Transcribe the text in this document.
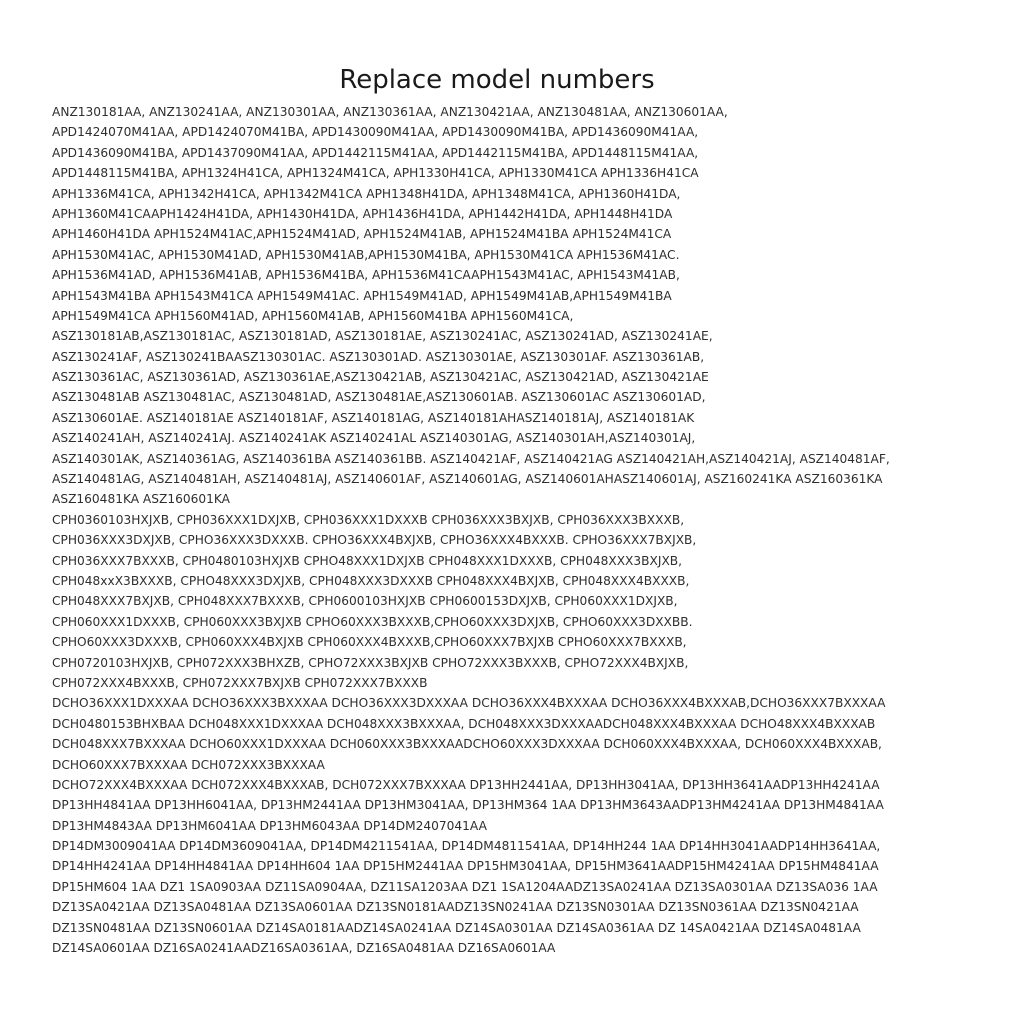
Replace model numbers
ANZ130181AA, ANZ130241AA, ANZ130301AA, ANZ130361AA, ANZ130421AA, ANZ130481AA, ANZ130601AA,
APD1424070M41AA, APD1424070M41BA, APD1430090M41AA, APD1430090M41BA, APD1436090M41AA,
APD1436090M41BA, APD1437090M41AA, APD1442115M41AA, APD1442115M41BA, APD1448115M41AA,
APD1448115M41BA, APH1324H41CA, APH1324M41CA, APH1330H41CA, APH1330M41CA APH1336H41CA
APH1336M41CA, APH1342H41CA, APH1342M41CA APH1348H41DA, APH1348M41CA, APH1360H41DA,
APH1360M41CAAPH1424H41DA, APH1430H41DA, APH1436H41DA, APH1442H41DA, APH1448H41DA
APH1460H41DA APH1524M41AC,APH1524M41AD, APH1524M41AB, APH1524M41BA APH1524M41CA
APH1530M41AC, APH1530M41AD, APH1530M41AB,APH1530M41BA, APH1530M41CA APH1536M41AC.
APH1536M41AD, APH1536M41AB, APH1536M41BA, APH1536M41CAAPH1543M41AC, APH1543M41AB,
APH1543M41BA APH1543M41CA APH1549M41AC. APH1549M41AD, APH1549M41AB,APH1549M41BA
APH1549M41CA APH1560M41AD, APH1560M41AB, APH1560M41BA APH1560M41CA,
ASZ130181AB,ASZ130181AC, ASZ130181AD, ASZ130181AE, ASZ130241AC, ASZ130241AD, ASZ130241AE,
ASZ130241AF, ASZ130241BAASZ130301AC. ASZ130301AD. ASZ130301AE, ASZ130301AF. ASZ130361AB,
ASZ130361AC, ASZ130361AD, ASZ130361AE,ASZ130421AB, ASZ130421AC, ASZ130421AD, ASZ130421AE
ASZ130481AB ASZ130481AC, ASZ130481AD, ASZ130481AE,ASZ130601AB. ASZ130601AC ASZ130601AD,
ASZ130601AE. ASZ140181AE ASZ140181AF, ASZ140181AG, ASZ140181AHASZ140181AJ, ASZ140181AK
ASZ140241AH, ASZ140241AJ. ASZ140241AK ASZ140241AL ASZ140301AG, ASZ140301AH,ASZ140301AJ,
ASZ140301AK, ASZ140361AG, ASZ140361BA ASZ140361BB. ASZ140421AF, ASZ140421AG ASZ140421AH,ASZ140421AJ, ASZ140481AF,
ASZ140481AG, ASZ140481AH, ASZ140481AJ, ASZ140601AF, ASZ140601AG, ASZ140601AHASZ140601AJ, ASZ160241KA ASZ160361KA
ASZ160481KA ASZ160601KA
CPH0360103HXJXB, CPH036XXX1DXJXB, CPH036XXX1DXXXB CPH036XXX3BXJXB, CPH036XXX3BXXXB,
CPH036XXX3DXJXB, CPHO36XXX3DXXXB. CPHO36XXX4BXJXB, CPHO36XXX4BXXXB. CPHO36XXX7BXJXB,
CPH036XXX7BXXXB, CPH0480103HXJXB CPHO48XXX1DXJXB CPH048XXX1DXXXB, CPH048XXX3BXJXB,
CPH048xxX3BXXXB, CPHO48XXX3DXJXB, CPH048XXX3DXXXB CPH048XXX4BXJXB, CPH048XXX4BXXXB,
CPH048XXX7BXJXB, CPH048XXX7BXXXB, CPH0600103HXJXB CPH0600153DXJXB, CPH060XXX1DXJXB,
CPH060XXX1DXXXB, CPH060XXX3BXJXB CPHO60XXX3BXXXB,CPHO60XXX3DXJXB, CPHO60XXX3DXXBB.
CPHO60XXX3DXXXB, CPH060XXX4BXJXB CPH060XXX4BXXXB,CPHO60XXX7BXJXB CPHO60XXX7BXXXB,
CPH0720103HXJXB, CPH072XXX3BHXZB, CPHO72XXX3BXJXB CPHO72XXX3BXXXB, CPHO72XXX4BXJXB,
CPH072XXX4BXXXB, CPH072XXX7BXJXB CPH072XXX7BXXXB
DCHO36XXX1DXXXAA DCHO36XXX3BXXXAA DCHO36XXX3DXXXAA DCHO36XXX4BXXXAA DCHO36XXX4BXXXAB,DCHO36XXX7BXXXAA
DCH0480153BHXBAA DCH048XXX1DXXXAA DCH048XXX3BXXXAA, DCH048XXX3DXXXAADCH048XXX4BXXXAA DCHO48XXX4BXXXAB
DCH048XXX7BXXXAA DCHO60XXX1DXXXAA DCH060XXX3BXXXAADCHO60XXX3DXXXAA DCH060XXX4BXXXAA, DCH060XXX4BXXXAB,
DCHO60XXX7BXXXAA DCH072XXX3BXXXAA
DCHO72XXX4BXXXAA DCH072XXX4BXXXAB, DCH072XXX7BXXXAA DP13HH2441AA, DP13HH3041AA, DP13HH3641AADP13HH4241AA
DP13HH4841AA DP13HH6041AA, DP13HM2441AA DP13HM3041AA, DP13HM364 1AA DP13HM3643AADP13HM4241AA DP13HM4841AA
DP13HM4843AA DP13HM6041AA DP13HM6043AA DP14DM2407041AA
DP14DM3009041AA DP14DM3609041AA, DP14DM4211541AA, DP14DM4811541AA, DP14HH244 1AA DP14HH3041AADP14HH3641AA,
DP14HH4241AA DP14HH4841AA DP14HH604 1AA DP15HM2441AA DP15HM3041AA, DP15HM3641AADP15HM4241AA DP15HM4841AA
DP15HM604 1AA DZ1 1SA0903AA DZ11SA0904AA, DZ11SA1203AA DZ1 1SA1204AADZ13SA0241AA DZ13SA0301AA DZ13SA036 1AA
DZ13SA0421AA DZ13SA0481AA DZ13SA0601AA DZ13SN0181AADZ13SN0241AA DZ13SN0301AA DZ13SN0361AA DZ13SN0421AA
DZ13SN0481AA DZ13SN0601AA DZ14SA0181AADZ14SA0241AA DZ14SA0301AA DZ14SA0361AA DZ 14SA0421AA DZ14SA0481AA
DZ14SA0601AA DZ16SA0241AADZ16SA0361AA, DZ16SA0481AA DZ16SA0601AA
